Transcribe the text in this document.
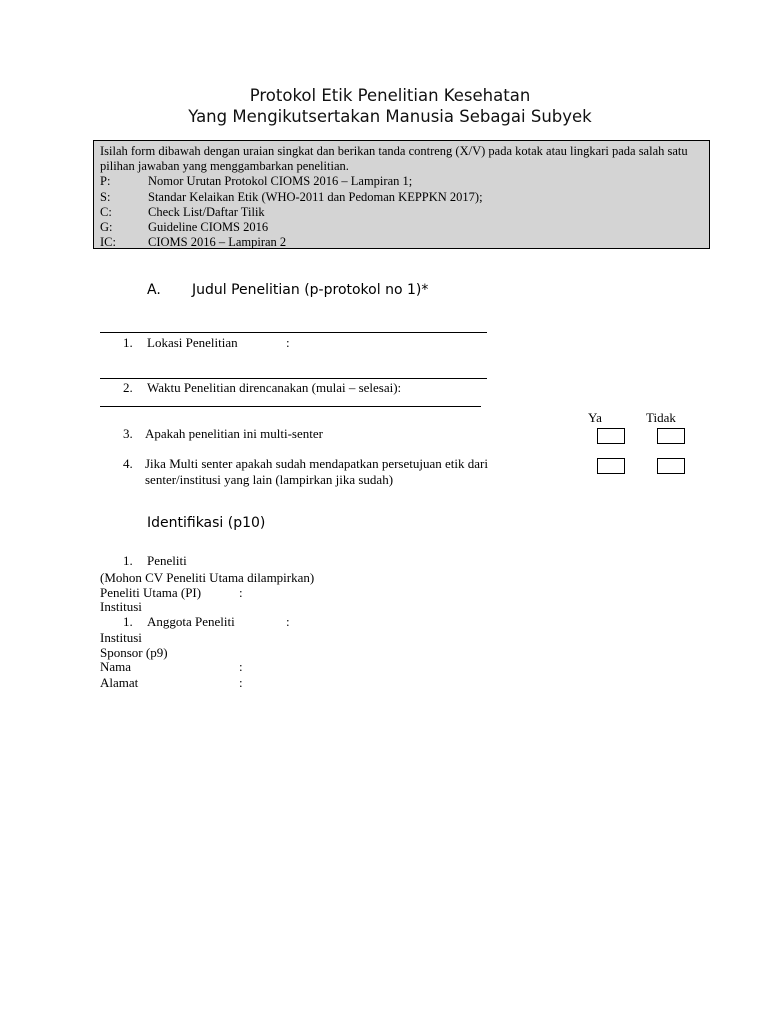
Protokol Etik Penelitian Kesehatan
Yang Mengikutsertakan Manusia Sebagai Subyek
Isilah form dibawah dengan uraian singkat dan berikan tanda contreng (X/V) pada kotak atau lingkari pada salah satu pilihan jawaban yang menggambarkan penelitian.
P:	Nomor Urutan Protokol CIOMS 2016 – Lampiran 1;
S:	Standar Kelaikan Etik (WHO-2011 dan Pedoman KEPPKN 2017);
C:	Check List/Daftar Tilik
G:	Guideline CIOMS 2016
IC:	CIOMS 2016 – Lampiran 2
A. Judul Penelitian (p-protokol no 1)*
1. Lokasi Penelitian	:
2. Waktu Penelitian direncanakan (mulai – selesai):
Ya	Tidak
3. Apakah penelitian ini multi-senter
4. Jika Multi senter apakah sudah mendapatkan persetujuan etik dari
senter/institusi yang lain (lampirkan jika sudah)
Identifikasi (p10)
1. Peneliti
(Mohon CV Peneliti Utama dilampirkan)
Peneliti Utama (PI)	:
Institusi
1. Anggota Peneliti	:
Institusi
Sponsor (p9)
Nama	:
Alamat	:
